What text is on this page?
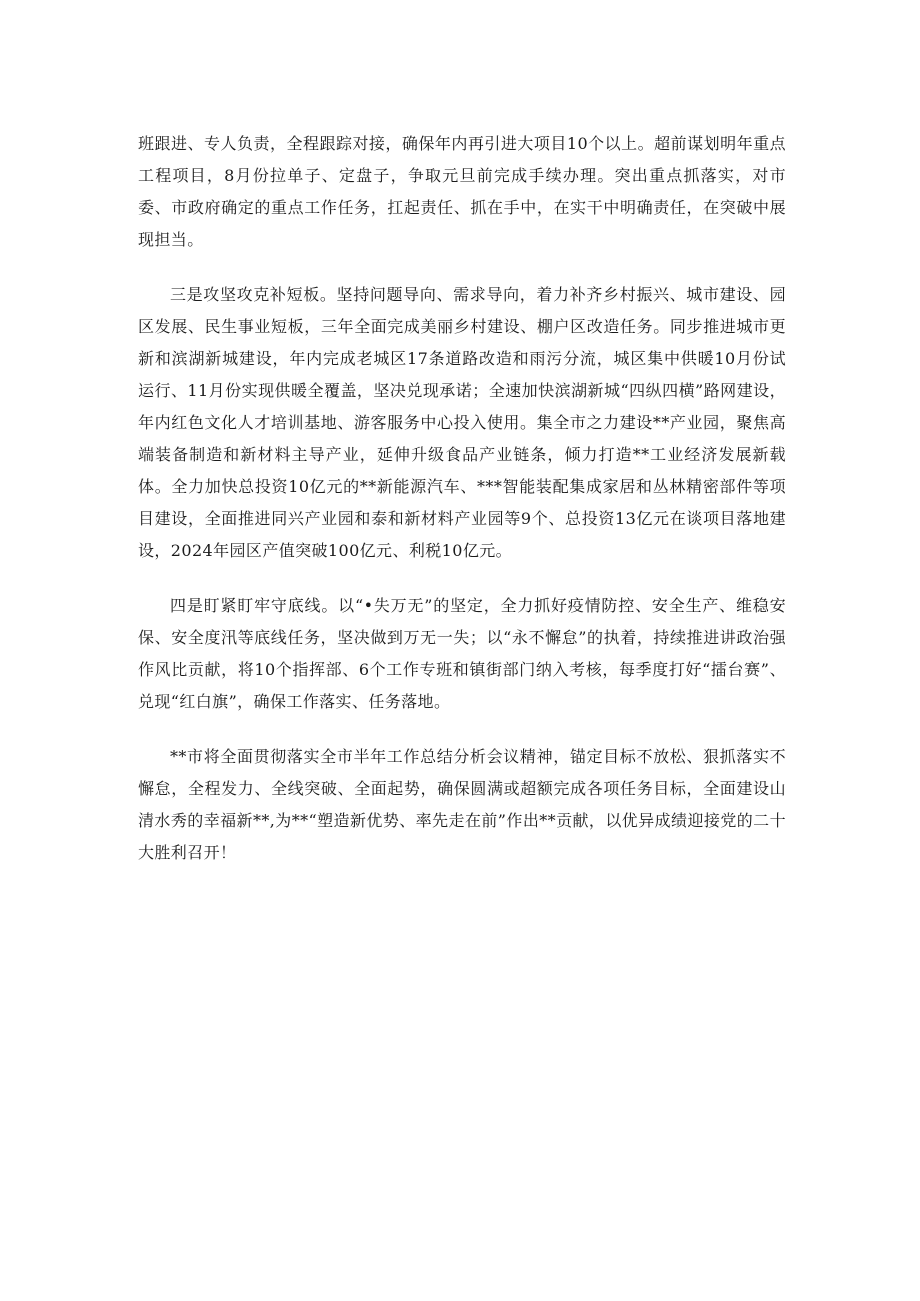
班跟进、专人负责，全程跟踪对接，确保年内再引进大项目10个以上。超前谋划明年重点工程项目，8月份拉单子、定盘子，争取元旦前完成手续办理。突出重点抓落实，对市委、市政府确定的重点工作任务，扛起责任、抓在手中，在实干中明确责任，在突破中展现担当。

三是攻坚攻克补短板。坚持问题导向、需求导向，着力补齐乡村振兴、城市建设、园区发展、民生事业短板，三年全面完成美丽乡村建设、棚户区改造任务。同步推进城市更新和滨湖新城建设，年内完成老城区17条道路改造和雨污分流，城区集中供暖10月份试运行、11月份实现供暖全覆盖，坚决兑现承诺；全速加快滨湖新城“四纵四横”路网建设，年内红色文化人才培训基地、游客服务中心投入使用。集全市之力建设**产业园，聚焦高端装备制造和新材料主导产业，延伸升级食品产业链条，倾力打造**工业经济发展新载体。全力加快总投资10亿元的**新能源汽车、***智能装配集成家居和丛林精密部件等项目建设，全面推进同兴产业园和泰和新材料产业园等9个、总投资13亿元在谈项目落地建设，2024年园区产值突破100亿元、利税10亿元。

四是盯紧盯牢守底线。以“•失万无”的坚定，全力抓好疫情防控、安全生产、维稳安保、安全度汛等底线任务，坚决做到万无一失；以“永不懈怠”的执着，持续推进讲政治强作风比贡献，将10个指挥部、6个工作专班和镇街部门纳入考核，每季度打好“擂台赛”、兑现“红白旗”，确保工作落实、任务落地。

**市将全面贯彻落实全市半年工作总结分析会议精神，锚定目标不放松、狠抓落实不懈怠，全程发力、全线突破、全面起势，确保圆满或超额完成各项任务目标，全面建设山清水秀的幸福新**,为**“塑造新优势、率先走在前”作出**贡献，以优异成绩迎接党的二十大胜利召开！
